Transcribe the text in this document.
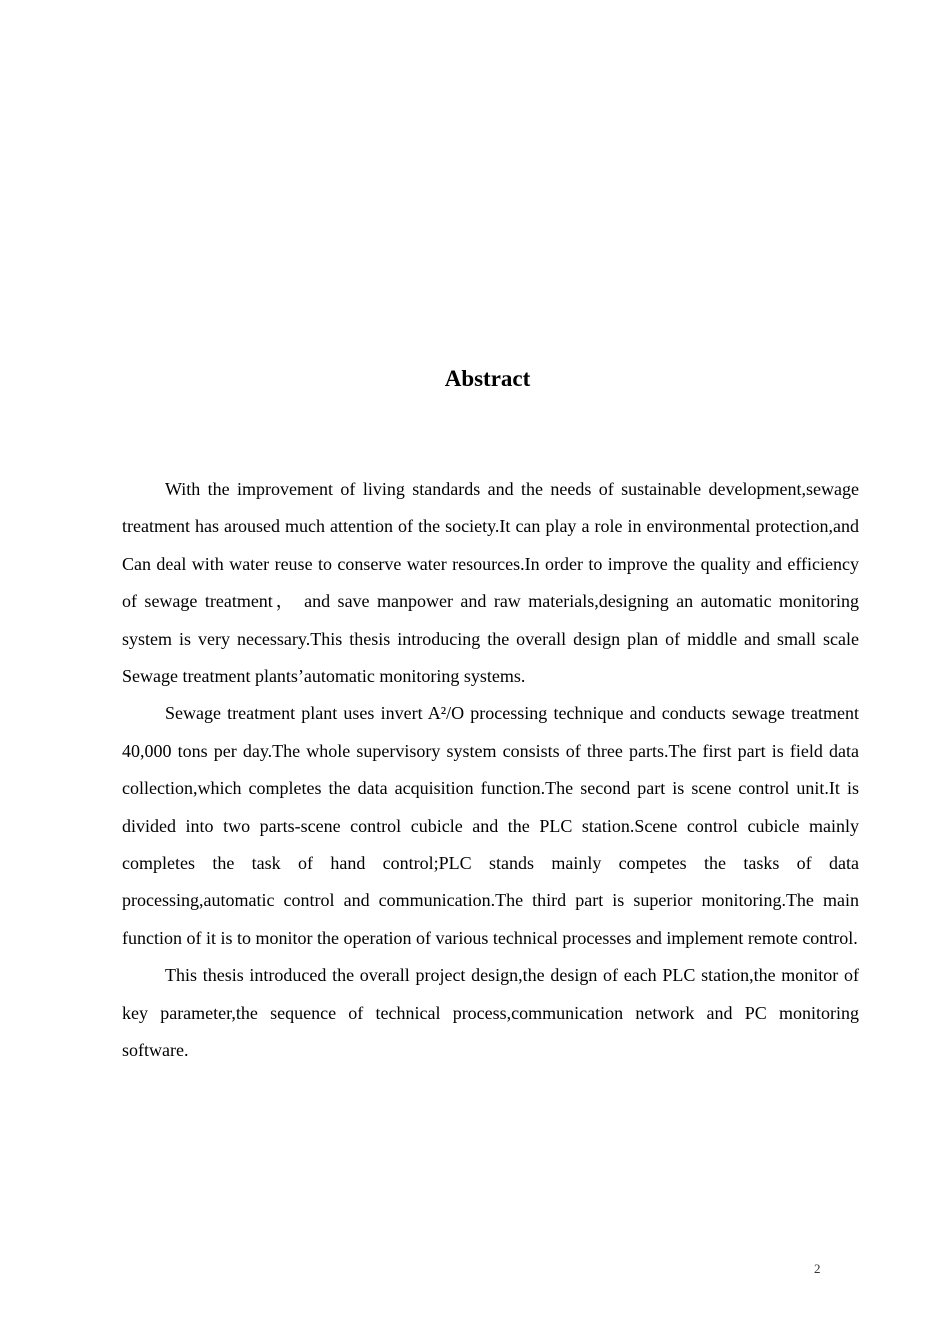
Abstract

With the improvement of living standards and the needs of sustainable development,sewage treatment has aroused much attention of the society.It can play a role in environmental protection,and Can deal with water reuse to conserve water resources.In order to improve the quality and efficiency of sewage treatment， and save manpower and raw materials,designing an automatic monitoring system is very necessary.This thesis introducing the overall design plan of middle and small scale Sewage treatment plants’automatic monitoring systems.

Sewage treatment plant uses invert A²/O processing technique and conducts sewage treatment 40,000 tons per day.The whole supervisory system consists of three parts.The first part is field data collection,which completes the data acquisition function.The second part is scene control unit.It is divided into two parts-scene control cubicle and the PLC station.Scene control cubicle mainly completes the task of hand control;PLC stands mainly competes the tasks of data processing,automatic control and communication.The third part is superior monitoring.The main function of it is to monitor the operation of various technical processes and implement remote control.

This thesis introduced the overall project design,the design of each PLC station,the monitor of key parameter,the sequence of technical process,communication network and PC monitoring software.

2
